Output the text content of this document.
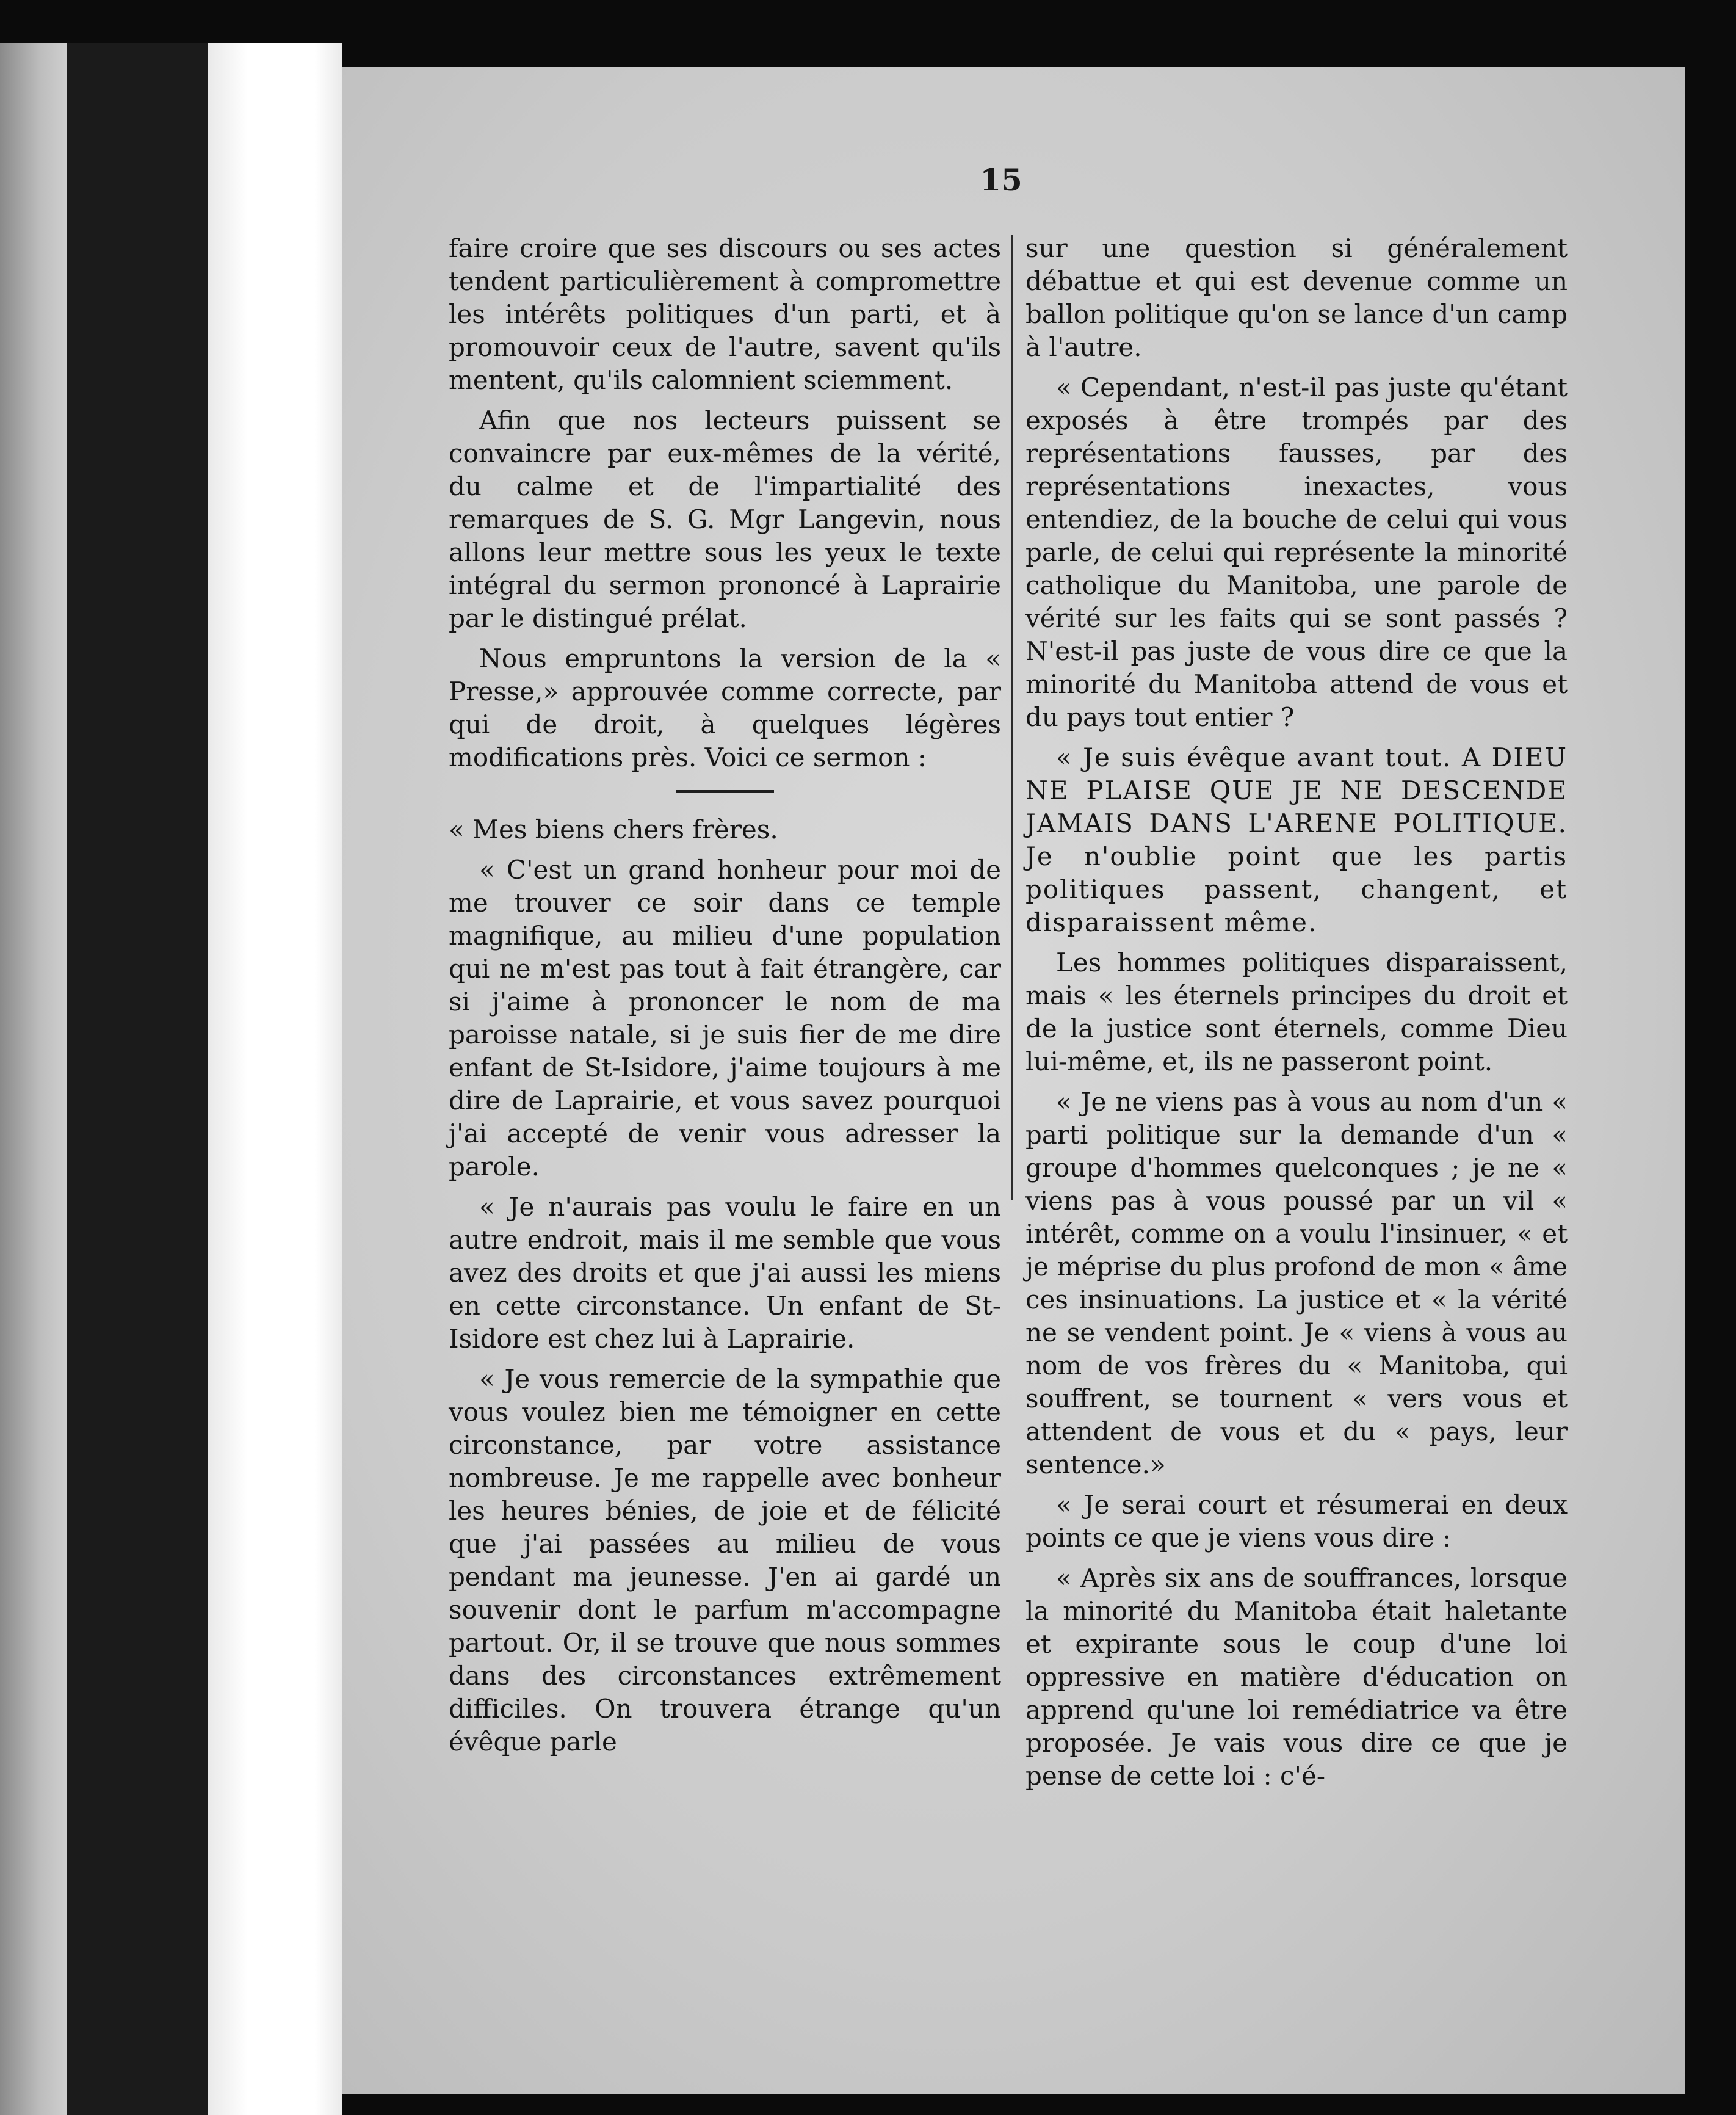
15

faire croire que ses discours ou ses actes tendent particulièrement à compromettre les intérêts politiques d'un parti, et à promouvoir ceux de l'autre, savent qu'ils mentent, qu'ils calomnient sciemment.

Afin que nos lecteurs puissent se convaincre par eux-mêmes de la vérité, du calme et de l'impartialité des remarques de S. G. Mgr Langevin, nous allons leur mettre sous les yeux le texte intégral du sermon prononcé à Laprairie par le distingué prélat.

Nous empruntons la version de la « Presse,» approuvée comme correcte, par qui de droit, à quelques légères modifications près. Voici ce sermon :

« Mes biens chers frères.

« C'est un grand honheur pour moi de me trouver ce soir dans ce temple magnifique, au milieu d'une population qui ne m'est pas tout à fait étrangère, car si j'aime à prononcer le nom de ma paroisse natale, si je suis fier de me dire enfant de St-Isidore, j'aime toujours à me dire de Laprairie, et vous savez pourquoi j'ai accepté de venir vous adresser la parole.

« Je n'aurais pas voulu le faire en un autre endroit, mais il me semble que vous avez des droits et que j'ai aussi les miens en cette circonstance. Un enfant de St-Isidore est chez lui à Laprairie.

« Je vous remercie de la sympathie que vous voulez bien me témoigner en cette circonstance, par votre assistance nombreuse. Je me rappelle avec bonheur les heures bénies, de joie et de félicité que j'ai passées au milieu de vous pendant ma jeunesse. J'en ai gardé un souvenir dont le parfum m'accompagne partout. Or, il se trouve que nous sommes dans des circonstances extrêmement difficiles. On trouvera étrange qu'un évêque parle

sur une question si généralement débattue et qui est devenue comme un ballon politique qu'on se lance d'un camp à l'autre.

« Cependant, n'est-il pas juste qu'étant exposés à être trompés par des représentations fausses, par des représentations inexactes, vous entendiez, de la bouche de celui qui vous parle, de celui qui représente la minorité catholique du Manitoba, une parole de vérité sur les faits qui se sont passés ? N'est-il pas juste de vous dire ce que la minorité du Manitoba attend de vous et du pays tout entier ?

« Je suis évêque avant tout. A DIEU NE PLAISE QUE JE NE DESCENDE JAMAIS DANS L'ARENE POLITIQUE. Je n'oublie point que les partis politiques passent, changent, et disparaissent même.

Les hommes politiques disparaissent, mais « les éternels principes du droit et de la justice sont éternels, comme Dieu lui-même, et, ils ne passeront point.

« Je ne viens pas à vous au nom d'un « parti politique sur la demande d'un « groupe d'hommes quelconques ; je ne « viens pas à vous poussé par un vil « intérêt, comme on a voulu l'insinuer, « et je méprise du plus profond de mon « âme ces insinuations. La justice et « la vérité ne se vendent point. Je « viens à vous au nom de vos frères du « Manitoba, qui souffrent, se tournent « vers vous et attendent de vous et du « pays, leur sentence.»

« Je serai court et résumerai en deux points ce que je viens vous dire :

« Après six ans de souffrances, lorsque la minorité du Manitoba était haletante et expirante sous le coup d'une loi oppressive en matière d'éducation on apprend qu'une loi remédiatrice va être proposée. Je vais vous dire ce que je pense de cette loi : c'é-
